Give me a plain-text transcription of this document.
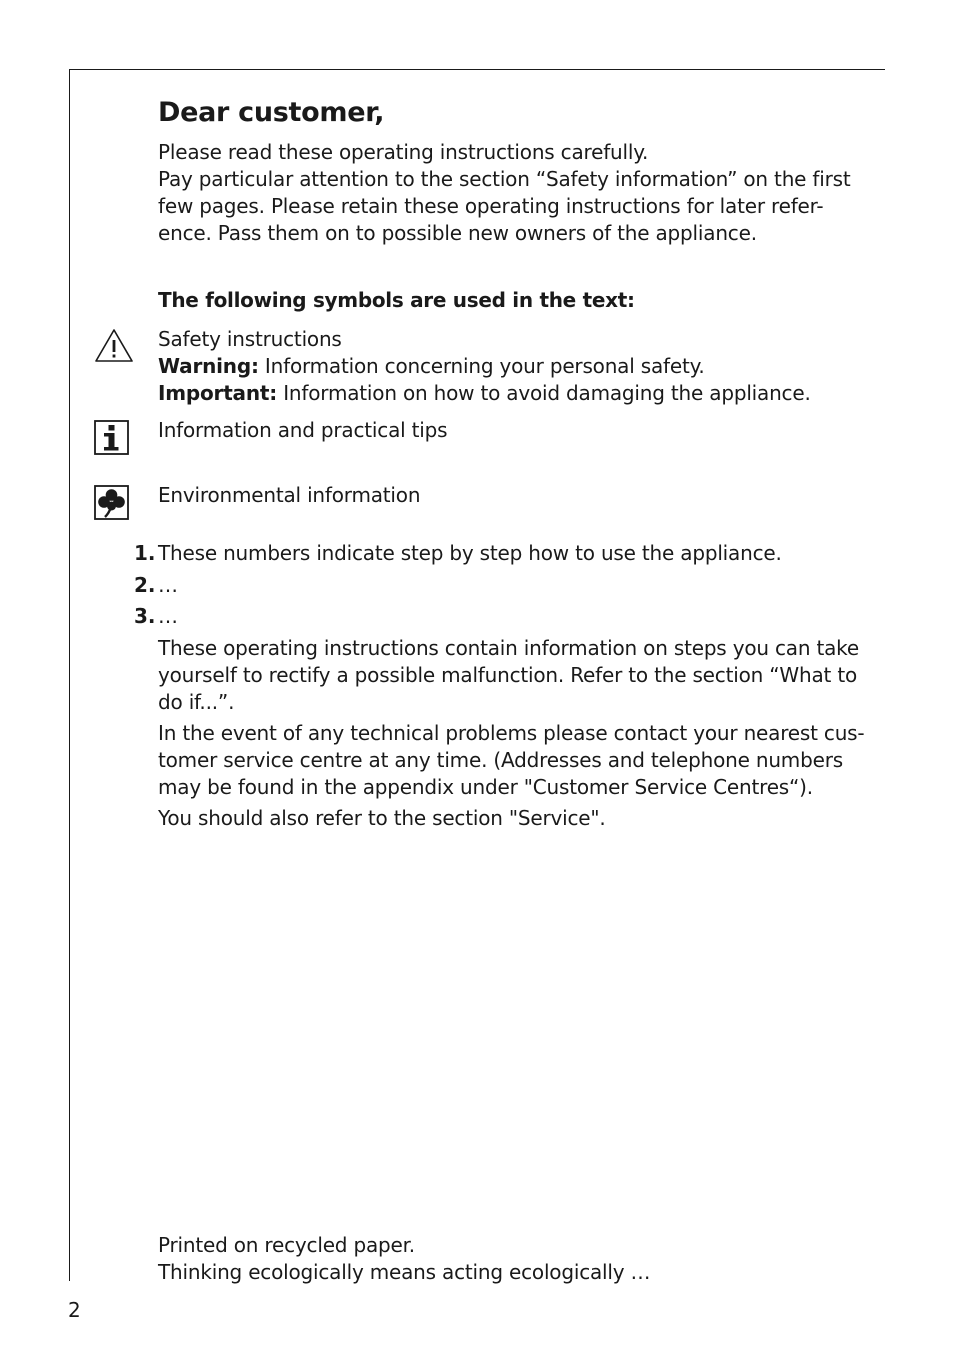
Dear customer,
Please read these operating instructions carefully.
Pay particular attention to the section “Safety information” on the first
few pages. Please retain these operating instructions for later refer-
ence. Pass them on to possible new owners of the appliance.
The following symbols are used in the text:
Safety instructions
Warning: Information concerning your personal safety.
Important: Information on how to avoid damaging the appliance.
Information and practical tips
Environmental information
1. These numbers indicate step by step how to use the appliance.
2. …
3. …
These operating instructions contain information on steps you can take
yourself to rectify a possible malfunction. Refer to the section “What to
do if...”.
In the event of any technical problems please contact your nearest cus-
tomer service centre at any time. (Addresses and telephone numbers
may be found in the appendix under "Customer Service Centres“).
You should also refer to the section "Service".
Printed on recycled paper.
Thinking ecologically means acting ecologically …
2
